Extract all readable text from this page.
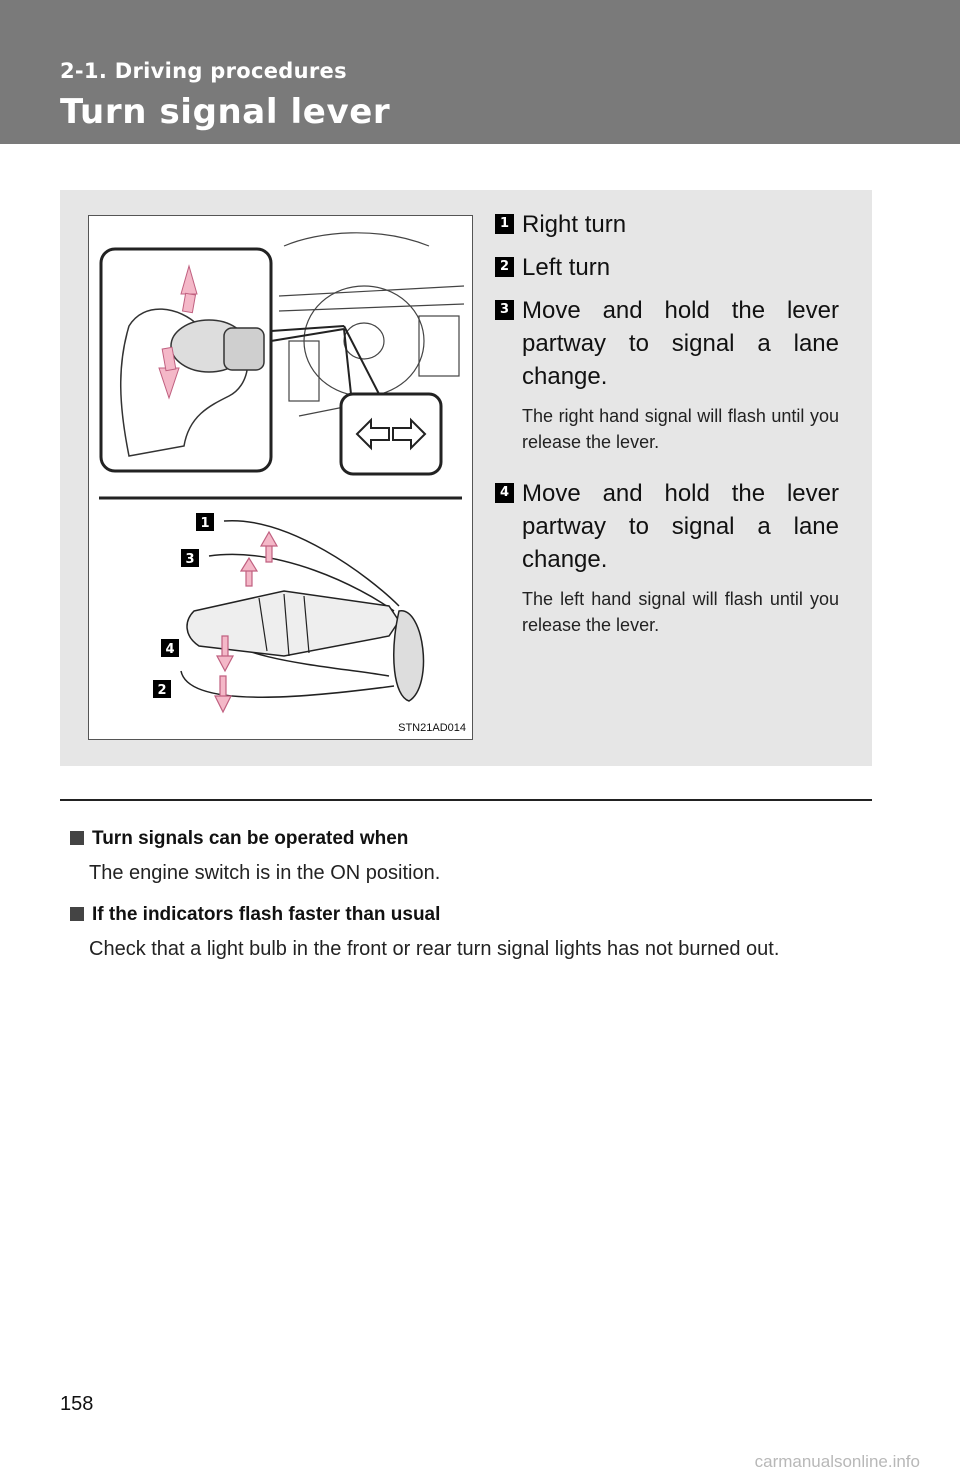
2-1. Driving procedures
Turn signal lever
1
3
4
2
STN21AD014
1 Right turn
2 Left turn
3 Move and hold the lever partway to signal a lane change.
The right hand signal will flash until you release the lever.
4 Move and hold the lever partway to signal a lane change.
The left hand signal will flash until you release the lever.
Turn signals can be operated when
The engine switch is in the ON position.
If the indicators flash faster than usual
Check that a light bulb in the front or rear turn signal lights has not burned out.
158
carmanualsonline.info
